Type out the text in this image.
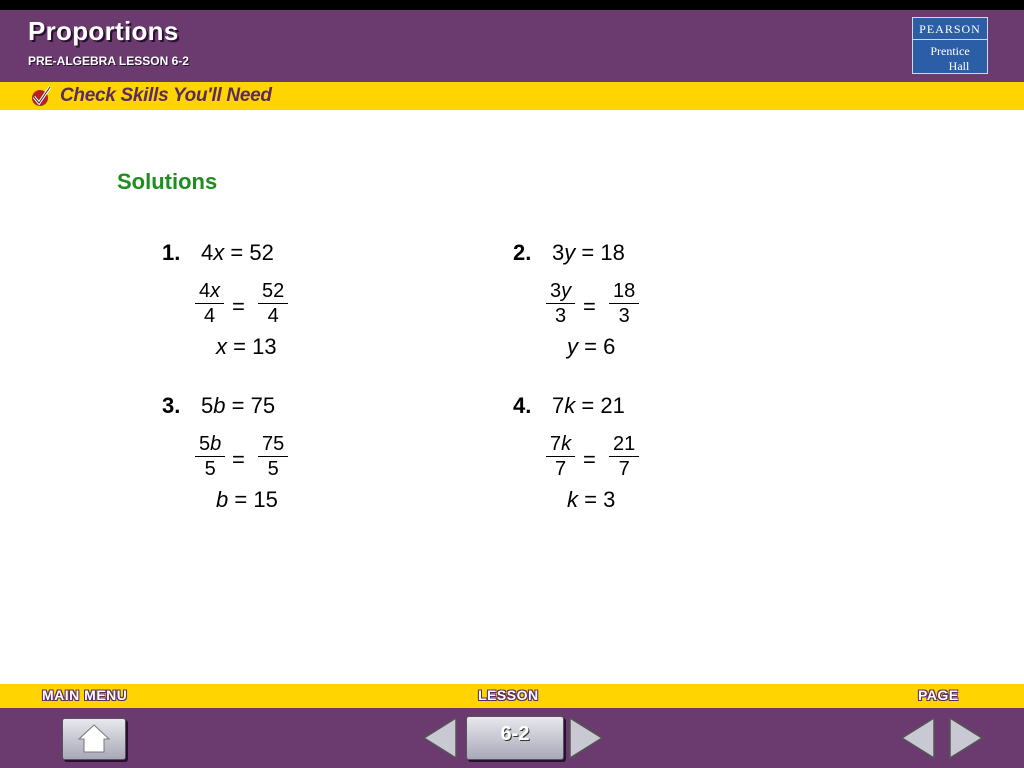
Proportions
PRE-ALGEBRA LESSON 6-2
PEARSON
Prentice
Hall
Check Skills You'll Need
Solutions
1. 4x = 52
$\frac{4x}{4} = \frac{52}{4}$
x = 13
2. 3y = 18
$\frac{3y}{3} = \frac{18}{3}$
y = 6
3. 5b = 75
$\frac{5b}{5} = \frac{75}{5}$
b = 15
4. 7k = 21
$\frac{7k}{7} = \frac{21}{7}$
k = 3
MAIN MENU	LESSON	PAGE
6-2
